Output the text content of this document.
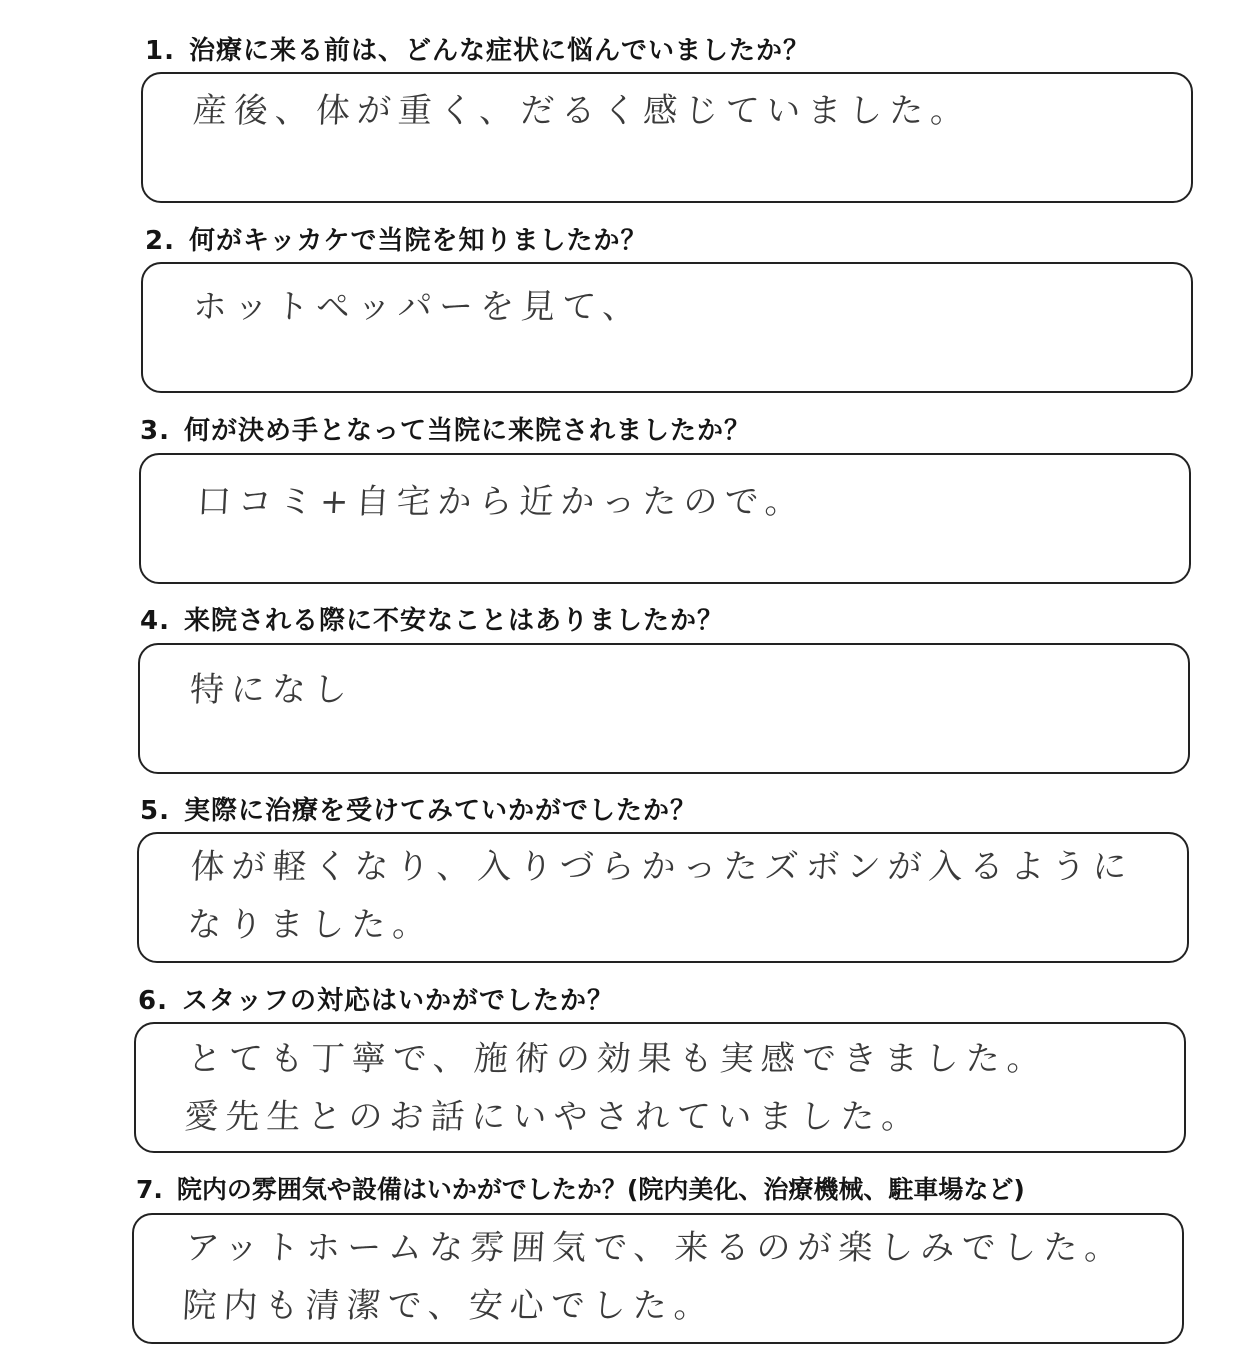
1. 治療に来る前は、どんな症状に悩んでいましたか？
産後、体が重く、だるく感じていました。
2. 何がキッカケで当院を知りましたか？
ホットペッパーを見て、
3. 何が決め手となって当院に来院されましたか？
口コミ+自宅から近かったので。
4. 来院される際に不安なことはありましたか？
特になし
5. 実際に治療を受けてみていかがでしたか？
体が軽くなり、入りづらかったズボンが入るように
なりました。
6. スタッフの対応はいかがでしたか？
とても丁寧で、施術の効果も実感できました。
愛先生とのお話にいやされていました。
7. 院内の雰囲気や設備はいかがでしたか？(院内美化、治療機械、駐車場など)
アットホームな雰囲気で、来るのが楽しみでした。
院内も清潔で、安心でした。
